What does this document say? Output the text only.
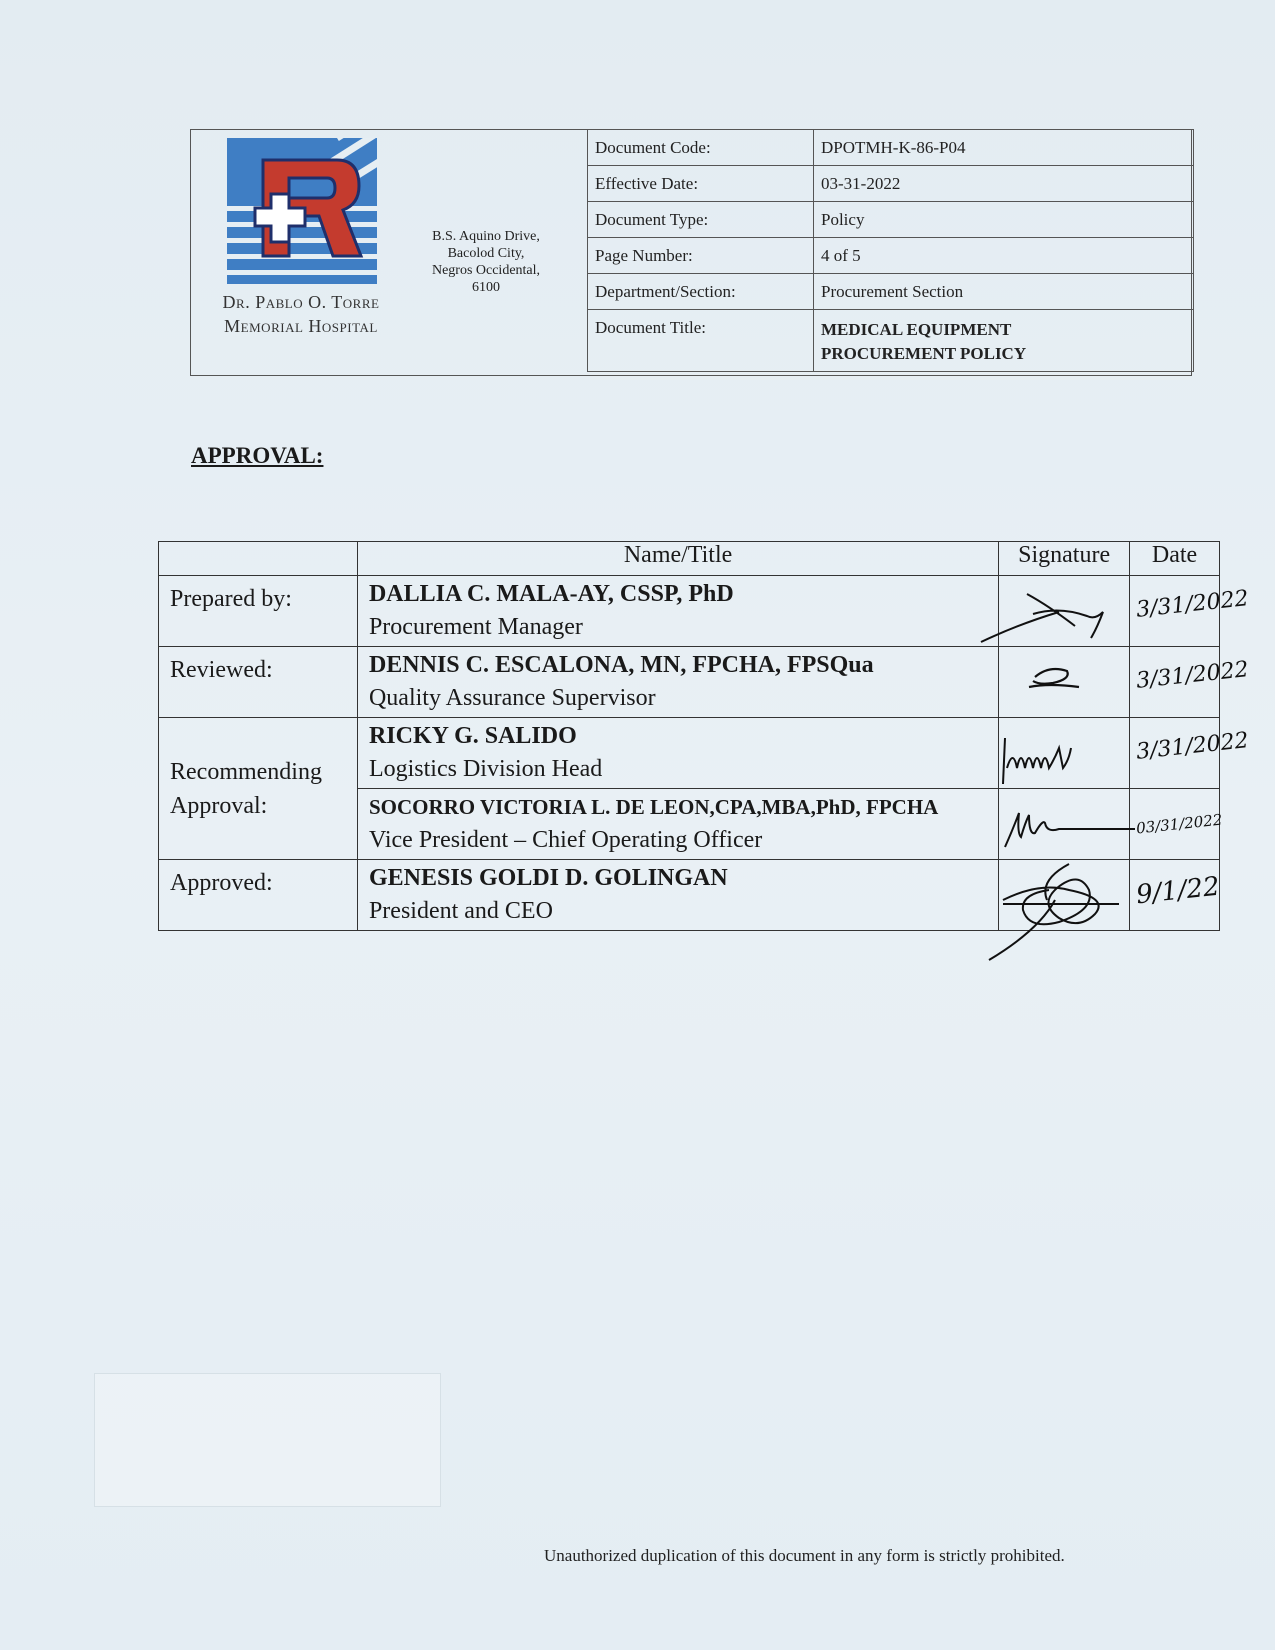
Dr. Pablo O. Torre
Memorial Hospital
B.S. Aquino Drive,
Bacolod City,
Negros Occidental,
6100
Document Code:	DPOTMH-K-86-P04
Effective Date:	03-31-2022
Document Type:	Policy
Page Number:	4 of 5
Department/Section:	Procurement Section
Document Title:	MEDICAL EQUIPMENT
PROCUREMENT POLICY
APPROVAL:
	Name/Title	Signature	Date
Prepared by:	DALLIA C. MALA-AY, CSSP, PhD
Procurement Manager		3/31/2022

Reviewed:	DENNIS C. ESCALONA, MN, FPCHA, FPSQua
Quality Assurance Supervisor		3/31/2022

Recommending Approval:	RICKY G. SALIDO
Logistics Division Head		3/31/2022

	SOCORRO VICTORIA L. DE LEON,CPA,MBA,PhD, FPCHA
Vice President – Chief Operating Officer		03/31/2022

Approved:	GENESIS GOLDI D. GOLINGAN
President and CEO		9/1/22
Unauthorized duplication of this document in any form is strictly prohibited.
